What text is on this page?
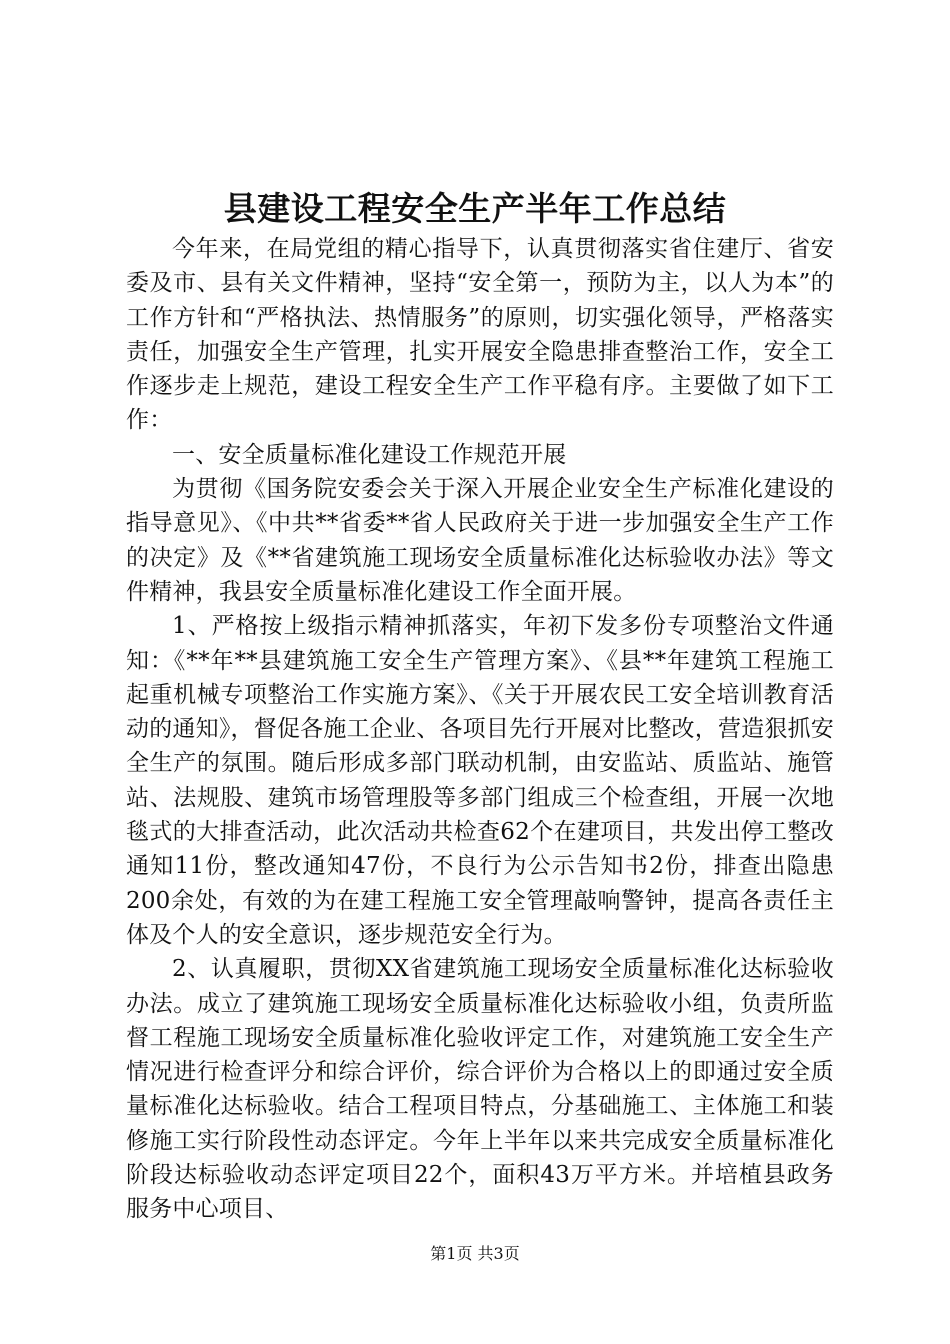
县建设工程安全生产半年工作总结

今年来，在局党组的精心指导下，认真贯彻落实省住建厅、省安委及市、县有关文件精神，坚持“安全第一，预防为主，以人为本”的工作方针和“严格执法、热情服务”的原则，切实强化领导，严格落实责任，加强安全生产管理，扎实开展安全隐患排查整治工作，安全工作逐步走上规范，建设工程安全生产工作平稳有序。主要做了如下工作：

一、安全质量标准化建设工作规范开展

为贯彻《国务院安委会关于深入开展企业安全生产标准化建设的指导意见》、《中共**省委**省人民政府关于进一步加强安全生产工作的决定》及《**省建筑施工现场安全质量标准化达标验收办法》等文件精神，我县安全质量标准化建设工作全面开展。

1、严格按上级指示精神抓落实，年初下发多份专项整治文件通知：《**年**县建筑施工安全生产管理方案》、《县**年建筑工程施工起重机械专项整治工作实施方案》、《关于开展农民工安全培训教育活动的通知》，督促各施工企业、各项目先行开展对比整改，营造狠抓安全生产的氛围。随后形成多部门联动机制，由安监站、质监站、施管站、法规股、建筑市场管理股等多部门组成三个检查组，开展一次地毯式的大排查活动，此次活动共检查62个在建项目，共发出停工整改通知11份，整改通知47份，不良行为公示告知书2份，排查出隐患200余处，有效的为在建工程施工安全管理敲响警钟，提高各责任主体及个人的安全意识，逐步规范安全行为。

2、认真履职，贯彻XX省建筑施工现场安全质量标准化达标验收办法。成立了建筑施工现场安全质量标准化达标验收小组，负责所监督工程施工现场安全质量标准化验收评定工作，对建筑施工安全生产情况进行检查评分和综合评价，综合评价为合格以上的即通过安全质量标准化达标验收。结合工程项目特点，分基础施工、主体施工和装修施工实行阶段性动态评定。今年上半年以来共完成安全质量标准化阶段达标验收动态评定项目22个，面积43万平方米。并培植县政务服务中心项目、

第1页 共3页
